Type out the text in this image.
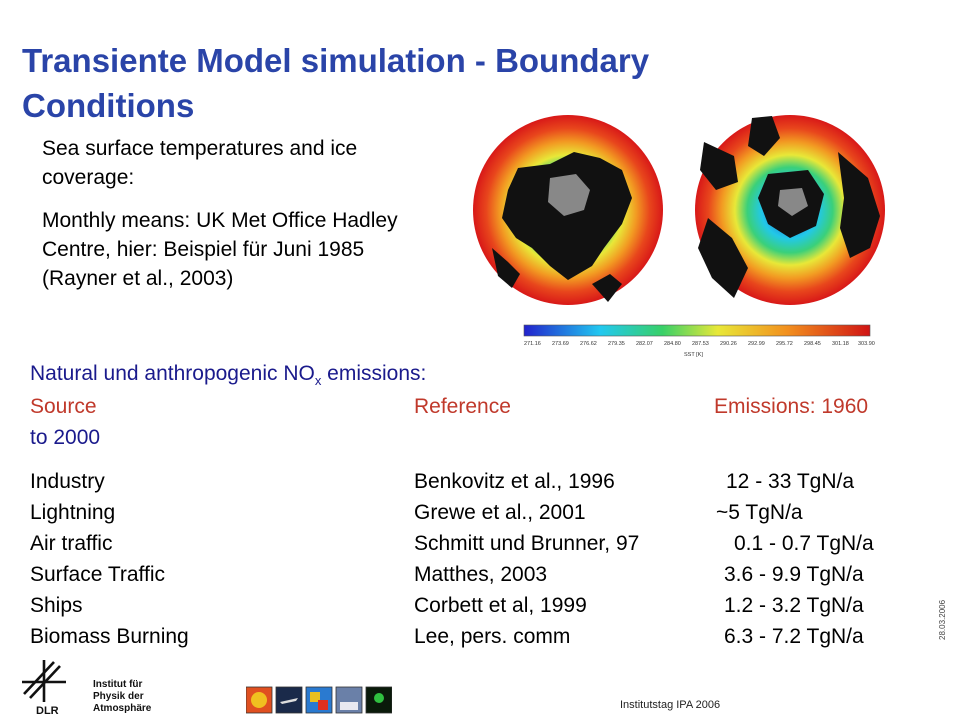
Transiente Model simulation - Boundary Conditions
Sea surface temperatures and ice coverage:
Monthly means: UK Met Office Hadley Centre, hier: Beispiel für Juni 1985 (Rayner et al., 2003)
271.16 273.69 276.62 279.35 282.07 284.80 287.53 290.26 292.99 295.72 298.45 301.18 303.90
SST [K]
Natural und anthropogenic $NO_x$ emissions:
Source	Reference	Emissions: 1960
to 2000
Industry	Benkovitz et al., 1996	12 - 33 TgN/a
Lightning	Grewe et al., 2001	~5 TgN/a
Air traffic	Schmitt und Brunner, 97	0.1 - 0.7 TgN/a
Surface Traffic	Matthes, 2003	3.6 - 9.9 TgN/a
Ships	Corbett et al, 1999	1.2 - 3.2 TgN/a
Biomass Burning	Lee, pers. comm	6.3 - 7.2 TgN/a	28.03.2006
DLR
Institut für
Physik der
Atmosphäre	Institutstag IPA 2006
